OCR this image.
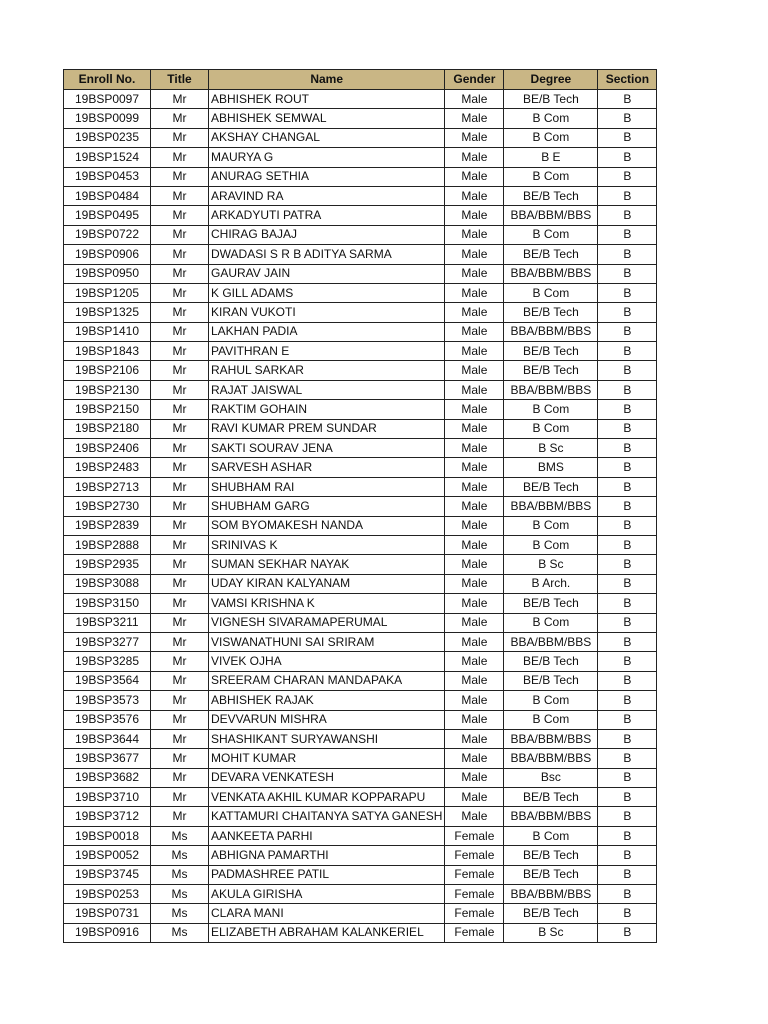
Enroll No.	Title	Name	Gender	Degree	Section
19BSP0097	Mr	ABHISHEK ROUT	Male	BE/B Tech	B
19BSP0099	Mr	ABHISHEK SEMWAL	Male	B Com	B
19BSP0235	Mr	AKSHAY CHANGAL	Male	B Com	B
19BSP1524	Mr	MAURYA G	Male	B E	B
19BSP0453	Mr	ANURAG SETHIA	Male	B Com	B
19BSP0484	Mr	ARAVIND RA	Male	BE/B Tech	B
19BSP0495	Mr	ARKADYUTI PATRA	Male	BBA/BBM/BBS	B
19BSP0722	Mr	CHIRAG BAJAJ	Male	B Com	B
19BSP0906	Mr	DWADASI S R B ADITYA SARMA	Male	BE/B Tech	B
19BSP0950	Mr	GAURAV JAIN	Male	BBA/BBM/BBS	B
19BSP1205	Mr	K GILL ADAMS	Male	B Com	B
19BSP1325	Mr	KIRAN VUKOTI	Male	BE/B Tech	B
19BSP1410	Mr	LAKHAN PADIA	Male	BBA/BBM/BBS	B
19BSP1843	Mr	PAVITHRAN E	Male	BE/B Tech	B
19BSP2106	Mr	RAHUL SARKAR	Male	BE/B Tech	B
19BSP2130	Mr	RAJAT JAISWAL	Male	BBA/BBM/BBS	B
19BSP2150	Mr	RAKTIM GOHAIN	Male	B Com	B
19BSP2180	Mr	RAVI KUMAR PREM SUNDAR	Male	B Com	B
19BSP2406	Mr	SAKTI SOURAV JENA	Male	B Sc	B
19BSP2483	Mr	SARVESH ASHAR	Male	BMS	B
19BSP2713	Mr	SHUBHAM RAI	Male	BE/B Tech	B
19BSP2730	Mr	SHUBHAM GARG	Male	BBA/BBM/BBS	B
19BSP2839	Mr	SOM BYOMAKESH NANDA	Male	B Com	B
19BSP2888	Mr	SRINIVAS K	Male	B Com	B
19BSP2935	Mr	SUMAN SEKHAR NAYAK	Male	B Sc	B
19BSP3088	Mr	UDAY KIRAN KALYANAM	Male	B Arch.	B
19BSP3150	Mr	VAMSI KRISHNA K	Male	BE/B Tech	B
19BSP3211	Mr	VIGNESH SIVARAMAPERUMAL	Male	B Com	B
19BSP3277	Mr	VISWANATHUNI SAI SRIRAM	Male	BBA/BBM/BBS	B
19BSP3285	Mr	VIVEK OJHA	Male	BE/B Tech	B
19BSP3564	Mr	SREERAM CHARAN MANDAPAKA	Male	BE/B Tech	B
19BSP3573	Mr	ABHISHEK RAJAK	Male	B Com	B
19BSP3576	Mr	DEVVARUN MISHRA	Male	B Com	B
19BSP3644	Mr	SHASHIKANT SURYAWANSHI	Male	BBA/BBM/BBS	B
19BSP3677	Mr	MOHIT KUMAR	Male	BBA/BBM/BBS	B
19BSP3682	Mr	DEVARA VENKATESH	Male	Bsc	B
19BSP3710	Mr	VENKATA AKHIL KUMAR KOPPARAPU	Male	BE/B Tech	B
19BSP3712	Mr	KATTAMURI CHAITANYA SATYA GANESH	Male	BBA/BBM/BBS	B
19BSP0018	Ms	AANKEETA PARHI	Female	B Com	B
19BSP0052	Ms	ABHIGNA PAMARTHI	Female	BE/B Tech	B
19BSP3745	Ms	PADMASHREE PATIL	Female	BE/B Tech	B
19BSP0253	Ms	AKULA GIRISHA	Female	BBA/BBM/BBS	B
19BSP0731	Ms	CLARA MANI	Female	BE/B Tech	B
19BSP0916	Ms	ELIZABETH ABRAHAM KALANKERIEL	Female	B Sc	B
